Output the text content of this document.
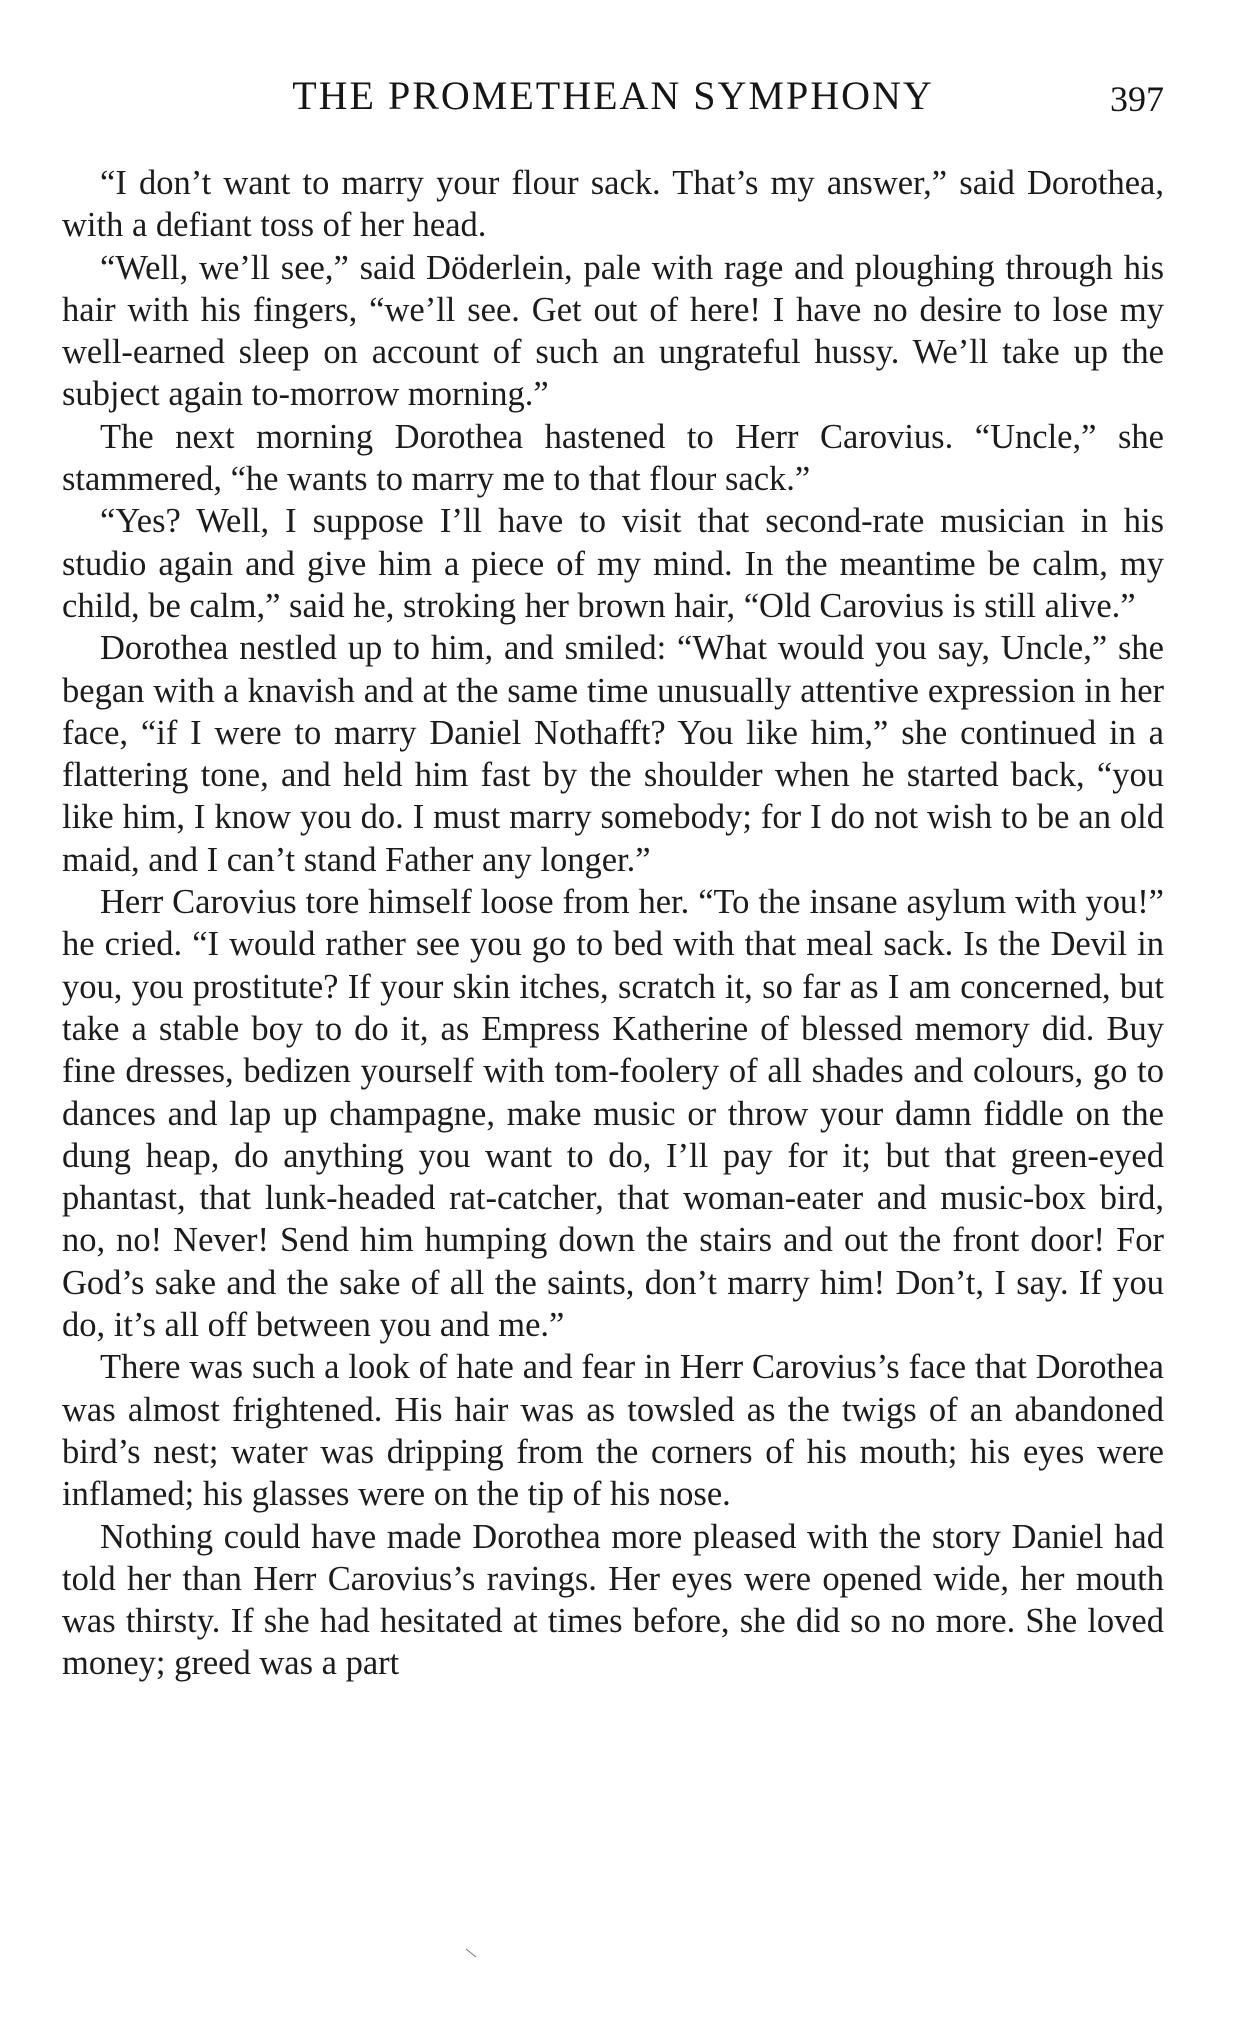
THE PROMETHEAN SYMPHONY	397

“I don’t want to marry your flour sack. That’s my answer,” said Dorothea, with a defiant toss of her head.

“Well, we’ll see,” said Döderlein, pale with rage and ploughing through his hair with his fingers, “we’ll see. Get out of here! I have no desire to lose my well-earned sleep on account of such an ungrateful hussy. We’ll take up the subject again to-morrow morning.”

The next morning Dorothea hastened to Herr Carovius. “Uncle,” she stammered, “he wants to marry me to that flour sack.”

“Yes? Well, I suppose I’ll have to visit that second-rate musician in his studio again and give him a piece of my mind. In the meantime be calm, my child, be calm,” said he, stroking her brown hair, “Old Carovius is still alive.”

Dorothea nestled up to him, and smiled: “What would you say, Uncle,” she began with a knavish and at the same time unusually attentive expression in her face, “if I were to marry Daniel Nothafft? You like him,” she continued in a flattering tone, and held him fast by the shoulder when he started back, “you like him, I know you do. I must marry somebody; for I do not wish to be an old maid, and I can’t stand Father any longer.”

Herr Carovius tore himself loose from her. “To the insane asylum with you!” he cried. “I would rather see you go to bed with that meal sack. Is the Devil in you, you prostitute? If your skin itches, scratch it, so far as I am concerned, but take a stable boy to do it, as Empress Katherine of blessed memory did. Buy fine dresses, bedizen yourself with tom-foolery of all shades and colours, go to dances and lap up champagne, make music or throw your damn fiddle on the dung heap, do anything you want to do, I’ll pay for it; but that green-eyed phantast, that lunk-headed rat-catcher, that woman-eater and music-box bird, no, no! Never! Send him humping down the stairs and out the front door! For God’s sake and the sake of all the saints, don’t marry him! Don’t, I say. If you do, it’s all off between you and me.”

There was such a look of hate and fear in Herr Carovius’s face that Dorothea was almost frightened. His hair was as towsled as the twigs of an abandoned bird’s nest; water was dripping from the corners of his mouth; his eyes were inflamed; his glasses were on the tip of his nose.

Nothing could have made Dorothea more pleased with the story Daniel had told her than Herr Carovius’s ravings. Her eyes were opened wide, her mouth was thirsty. If she had hesitated at times before, she did so no more. She loved money; greed was a part
